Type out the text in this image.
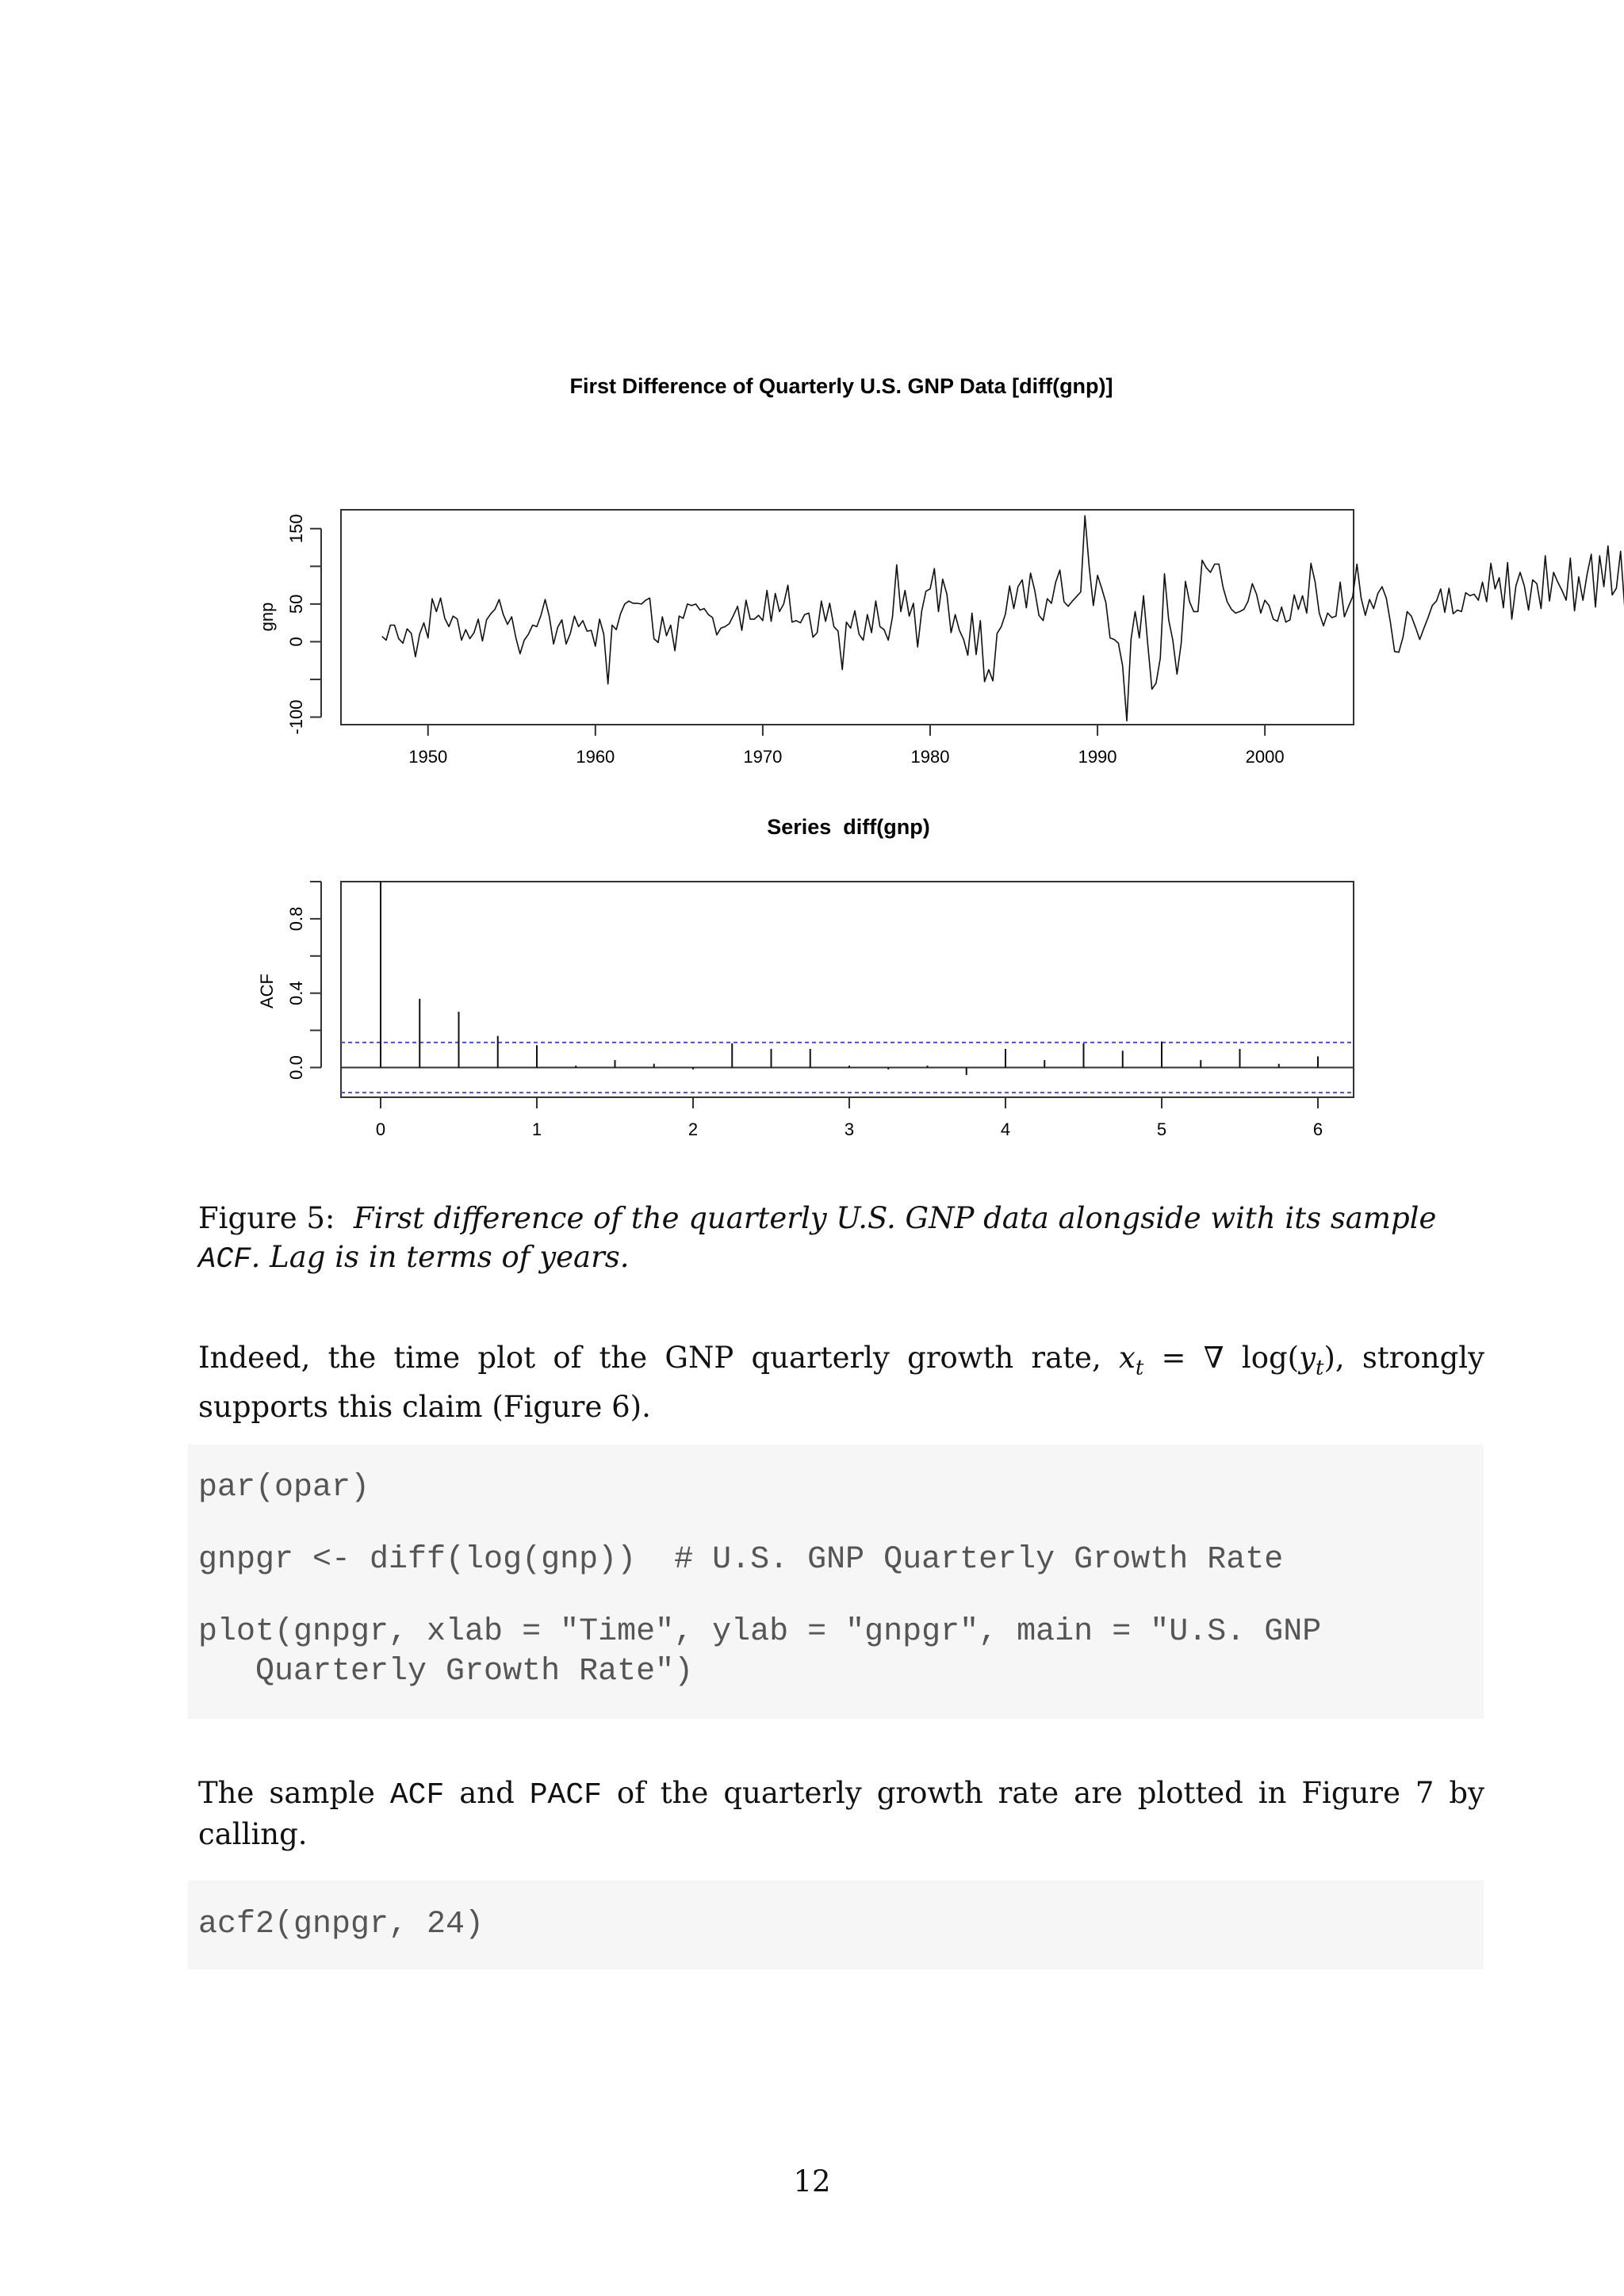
First Difference of Quarterly U.S. GNP Data [diff(gnp)]
-100
0
50
150
1950	1960	1970	1980	1990	2000
gnp
Series  diff(gnp)
0.0
0.4
0.8
0	1	2	3	4	5	6
ACF
Figure 5: First difference of the quarterly U.S. GNP data alongside with its sample ACF. Lag is in terms of years.
Indeed, the time plot of the GNP quarterly growth rate, $x_t$ = ∇ $\log(y_t)$, strongly supports this claim (Figure 6).
par(opar)
gnpgr <- diff(log(gnp))  # U.S. GNP Quarterly Growth Rate
plot(gnpgr, xlab = "Time", ylab = "gnpgr", main = "U.S. GNP
Quarterly Growth Rate")
The sample ACF and PACF of the quarterly growth rate are plotted in Figure 7 by calling.
acf2(gnpgr, 24)
12
